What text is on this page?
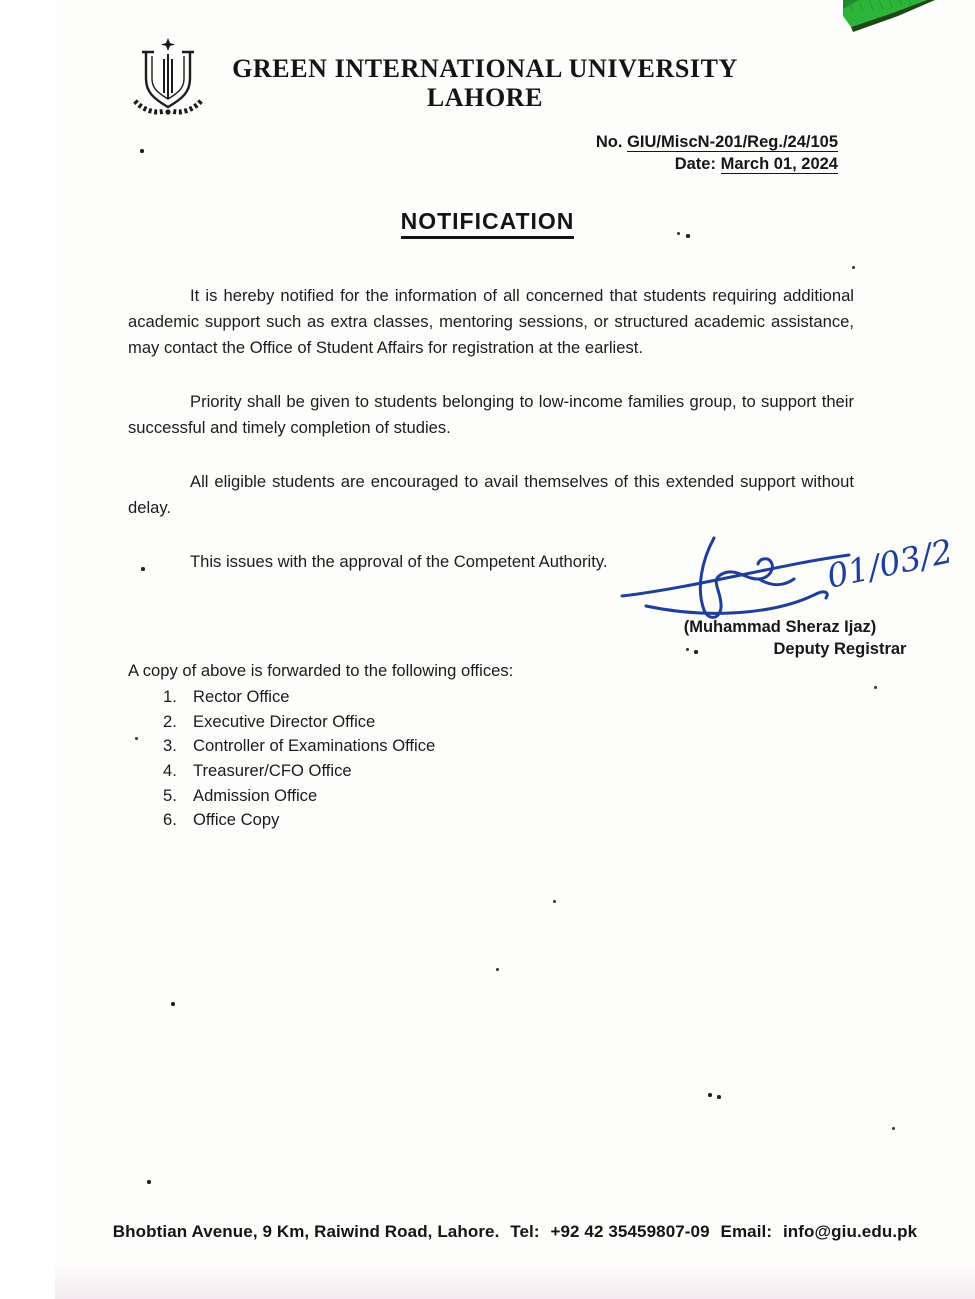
GREEN INTERNATIONAL UNIVERSITY
LAHORE
No. GIU/MiscN-201/Reg./24/105
Date: March 01, 2024
NOTIFICATION

It is hereby notified for the information of all concerned that students requiring additional academic support such as extra classes, mentoring sessions, or structured academic assistance, may contact the Office of Student Affairs for registration at the earliest.

Priority shall be given to students belonging to low-income families group, to support their successful and timely completion of studies.

All eligible students are encouraged to avail themselves of this extended support without delay.

This issues with the approval of the Competent Authority.	01/03/2
(Muhammad Sheraz Ijaz)
Deputy Registrar

A copy of above is forwarded to the following offices:

1. Rector Office
2. Executive Director Office
3. Controller of Examinations Office
4. Treasurer/CFO Office
5. Admission Office
6. Office Copy
Bhobtian Avenue, 9 Km, Raiwind Road, Lahore. Tel: +92 42 35459807-09 Email: info@giu.edu.pk
